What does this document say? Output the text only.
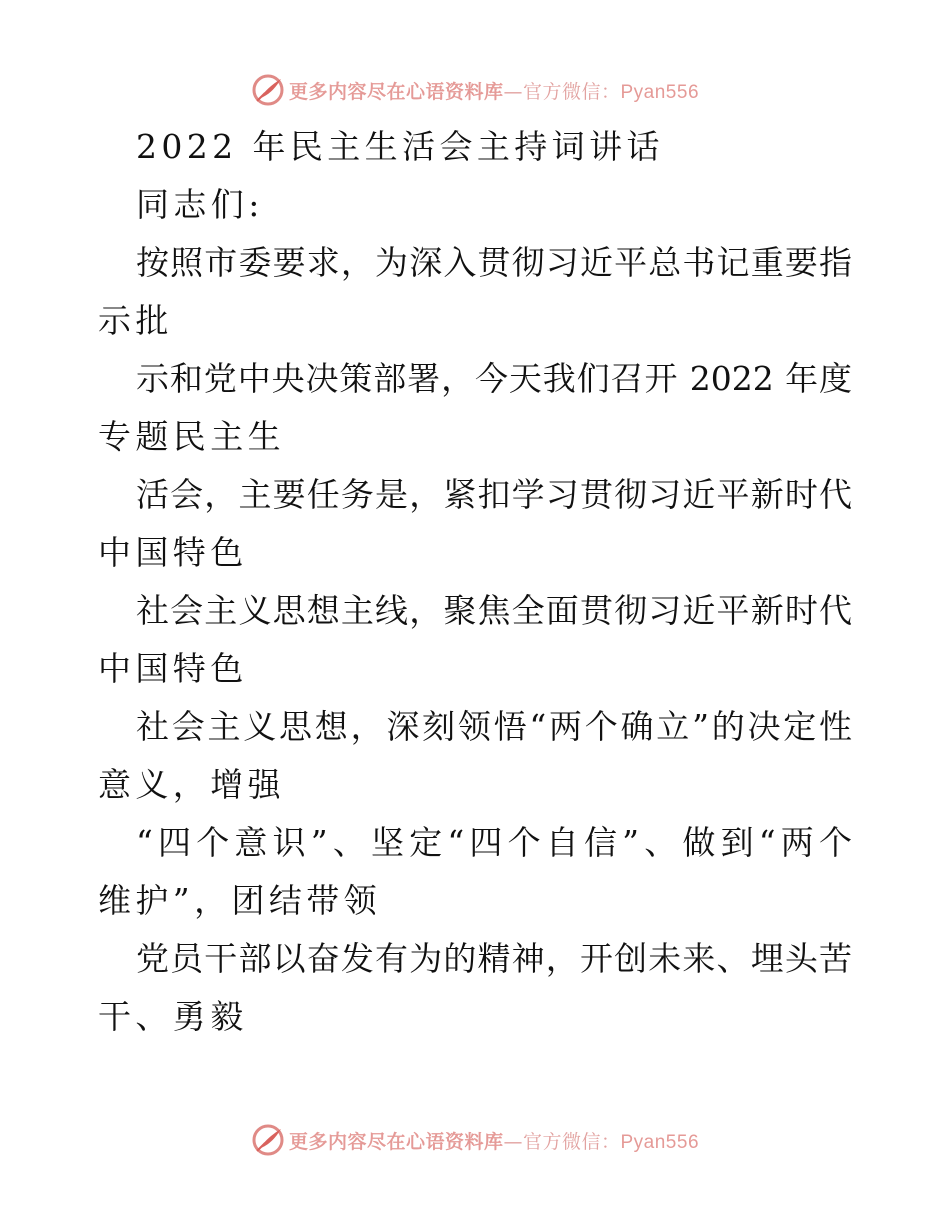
更多内容尽在心语资料库—官方微信：Pyan556
2022 年民主生活会主持词讲话
同志们:
按照市委要求，为深入贯彻习近平总书记重要指
示批
示和党中央决策部署，今天我们召开 2022 年度
专题民主生
活会，主要任务是，紧扣学习贯彻习近平新时代
中国特色
社会主义思想主线，聚焦全面贯彻习近平新时代
中国特色
社会主义思想，深刻领悟“两个确立”的决定性
意义，增强
“四个意识”、坚定“四个自信”、做到“两个
维护”，团结带领
党员干部以奋发有为的精神，开创未来、埋头苦
干、勇毅
更多内容尽在心语资料库—官方微信：Pyan556
